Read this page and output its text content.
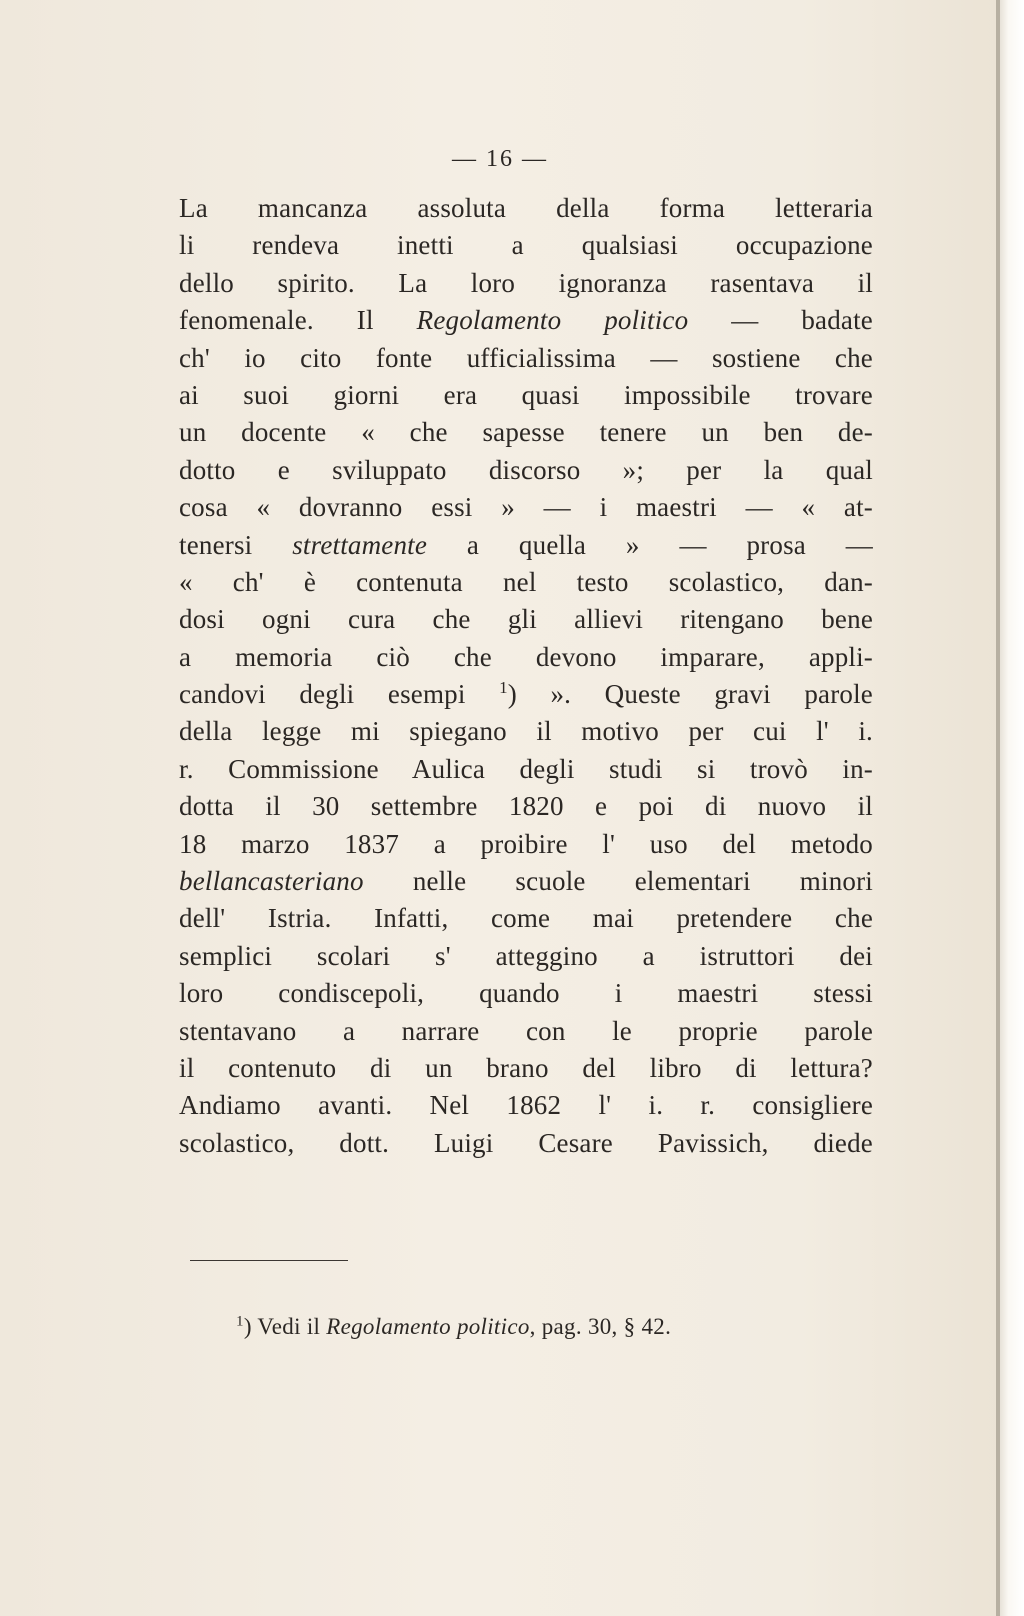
— 16 —
La mancanza assoluta della forma letteraria
li rendeva inetti a qualsiasi occupazione
dello spirito. La loro ignoranza rasentava il
fenomenale. Il Regolamento politico — badate
ch' io cito fonte ufficialissima — sostiene che
ai suoi giorni era quasi impossibile trovare
un docente « che sapesse tenere un ben de-
dotto e sviluppato discorso »; per la qual
cosa « dovranno essi » — i maestri — « at-
tenersi strettamente a quella » — prosa —
« ch' è contenuta nel testo scolastico, dan-
dosi ogni cura che gli allievi ritengano bene
a memoria ciò che devono imparare, appli-
candovi degli esempi $^1$) ». Queste gravi parole
della legge mi spiegano il motivo per cui l' i.
r. Commissione Aulica degli studi si trovò in-
dotta il 30 settembre 1820 e poi di nuovo il
18 marzo 1837 a proibire l' uso del metodo
bellancasteriano nelle scuole elementari minori
dell' Istria. Infatti, come mai pretendere che
semplici scolari s' atteggino a istruttori dei
loro condiscepoli, quando i maestri stessi
stentavano a narrare con le proprie parole
il contenuto di un brano del libro di lettura?
Andiamo avanti. Nel 1862 l' i. r. consigliere
scolastico, dott. Luigi Cesare Pavissich, diede
$^1$) Vedi il Regolamento politico, pag. 30, § 42.
